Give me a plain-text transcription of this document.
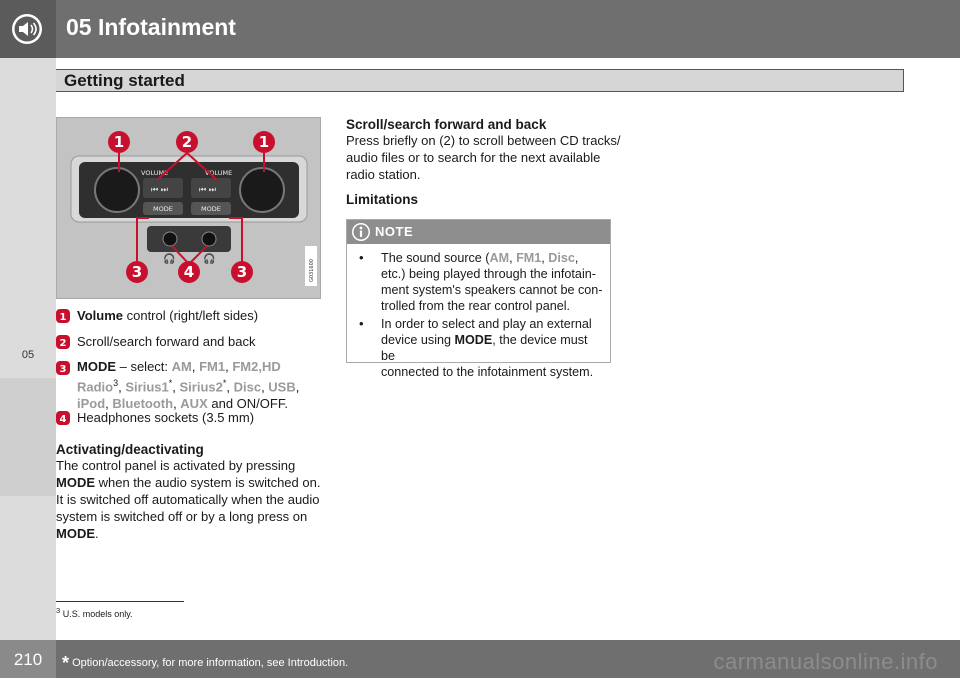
05 Infotainment
05
Getting started
⏮ ⏭	⏮ ⏭
VOLUME	VOLUME
MODE	MODE
🎧	🎧
1	2	1
3	4	3	G031600
1 Volume control (right/left sides)
2 Scroll/search forward and back
3 MODE – select: AM, FM1, FM2,HD
Radio$^3$, Sirius1*, Sirius2*, Disc, USB,
iPod, Bluetooth, AUX and ON/OFF.
4 Headphones sockets (3.5 mm)
Activating/deactivating
The control panel is activated by pressing
MODE when the audio system is switched on.
It is switched off automatically when the audio
system is switched off or by a long press on
MODE.
Scroll/search forward and back
Press briefly on (2) to scroll between CD tracks/
audio files or to search for the next available
radio station.
Limitations
NOTE
• The sound source (AM, FM1, Disc,
etc.) being played through the infotain-
ment system's speakers cannot be con-
trolled from the rear control panel.
• In order to select and play an external
device using MODE, the device must be
connected to the infotainment system.
$^3$ U.S. models only.
210	* Option/accessory, for more information, see Introduction.	carmanualsonline.info
